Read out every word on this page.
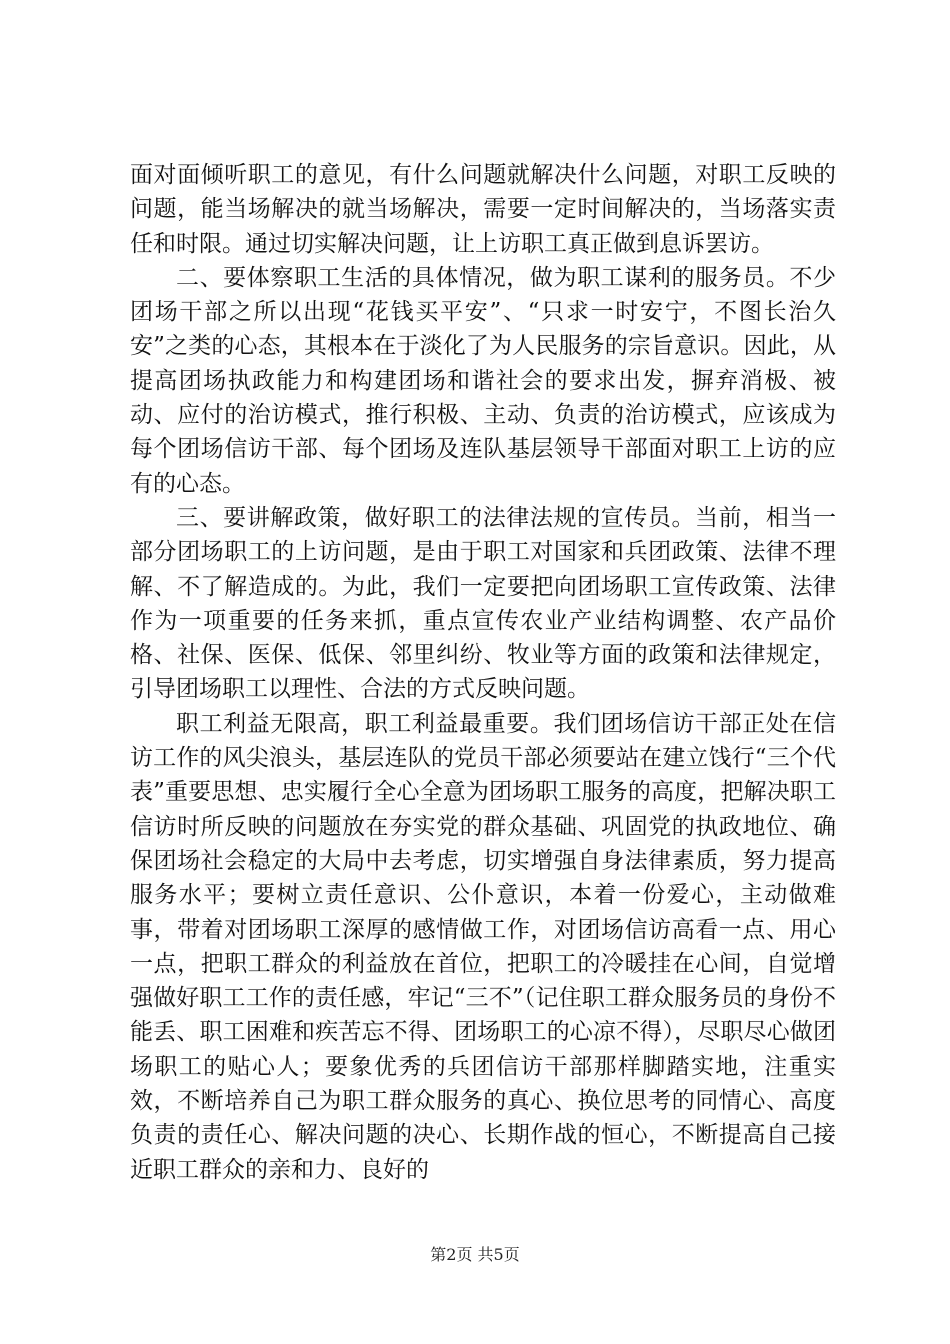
面对面倾听职工的意见，有什么问题就解决什么问题，对职工反映的问题，能当场解决的就当场解决，需要一定时间解决的，当场落实责任和时限。通过切实解决问题，让上访职工真正做到息诉罢访。

二、要体察职工生活的具体情况，做为职工谋利的服务员。不少团场干部之所以出现“花钱买平安”、“只求一时安宁，不图长治久安”之类的心态，其根本在于淡化了为人民服务的宗旨意识。因此，从提高团场执政能力和构建团场和谐社会的要求出发，摒弃消极、被动、应付的治访模式，推行积极、主动、负责的治访模式，应该成为每个团场信访干部、每个团场及连队基层领导干部面对职工上访的应有的心态。

三、要讲解政策，做好职工的法律法规的宣传员。当前，相当一部分团场职工的上访问题，是由于职工对国家和兵团政策、法律不理解、不了解造成的。为此，我们一定要把向团场职工宣传政策、法律作为一项重要的任务来抓，重点宣传农业产业结构调整、农产品价格、社保、医保、低保、邻里纠纷、牧业等方面的政策和法律规定，引导团场职工以理性、合法的方式反映问题。

职工利益无限高，职工利益最重要。我们团场信访干部正处在信访工作的风尖浪头，基层连队的党员干部必须要站在建立饯行“三个代表”重要思想、忠实履行全心全意为团场职工服务的高度，把解决职工信访时所反映的问题放在夯实党的群众基础、巩固党的执政地位、确保团场社会稳定的大局中去考虑，切实增强自身法律素质，努力提高服务水平；要树立责任意识、公仆意识，本着一份爱心，主动做难事，带着对团场职工深厚的感情做工作，对团场信访高看一点、用心一点，把职工群众的利益放在首位，把职工的冷暖挂在心间，自觉增强做好职工工作的责任感，牢记“三不”（记住职工群众服务员的身份不能丢、职工困难和疾苦忘不得、团场职工的心凉不得），尽职尽心做团场职工的贴心人；要象优秀的兵团信访干部那样脚踏实地，注重实效，不断培养自己为职工群众服务的真心、换位思考的同情心、高度负责的责任心、解决问题的决心、长期作战的恒心，不断提高自己接近职工群众的亲和力、良好的

第2页 共5页
